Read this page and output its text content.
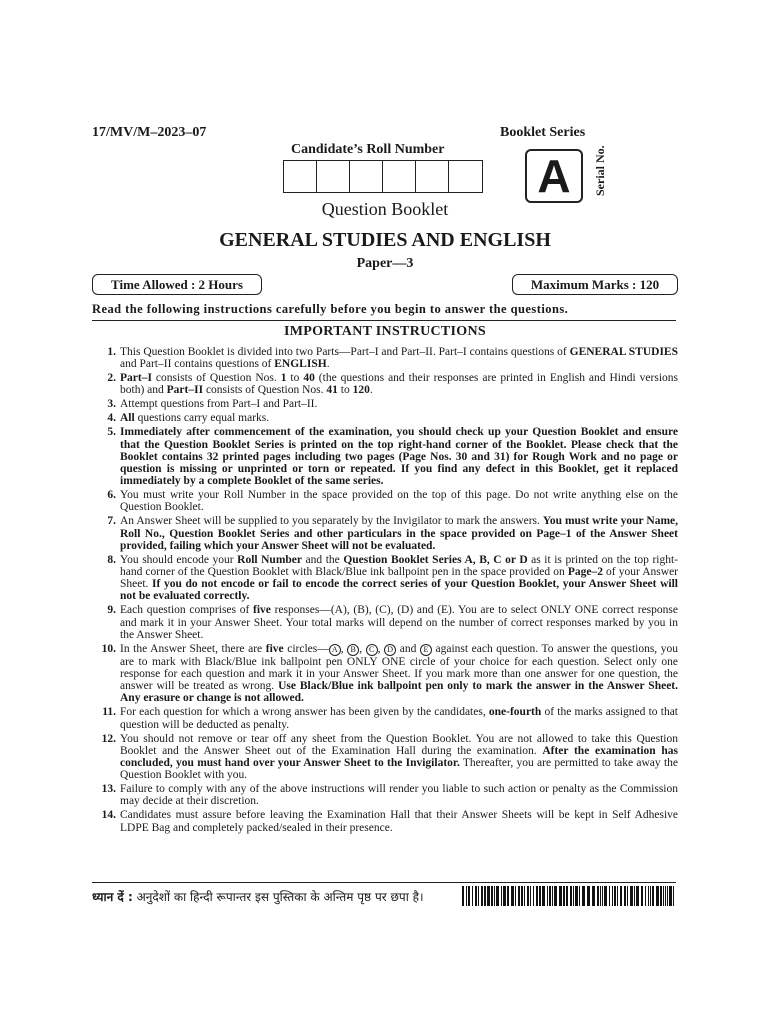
17/MV/M–2023–07	Booklet Series
Candidate’s Roll Number
A	Serial No.
Question Booklet
GENERAL STUDIES AND ENGLISH
Paper—3
Time Allowed : 2 Hours	Maximum Marks : 120
Read the following instructions carefully before you begin to answer the questions.
IMPORTANT INSTRUCTIONS
1. This Question Booklet is divided into two Parts—Part–I and Part–II. Part–I contains questions of GENERAL STUDIES and Part–II contains questions of ENGLISH.
2. Part–I consists of Question Nos. 1 to 40 (the questions and their responses are printed in English and Hindi versions both) and Part–II consists of Question Nos. 41 to 120.
3. Attempt questions from Part–I and Part–II.
4. All questions carry equal marks.
5. Immediately after commencement of the examination, you should check up your Question Booklet and ensure that the Question Booklet Series is printed on the top right-hand corner of the Booklet. Please check that the Booklet contains 32 printed pages including two pages (Page Nos. 30 and 31) for Rough Work and no page or question is missing or unprinted or torn or repeated. If you find any defect in this Booklet, get it replaced immediately by a complete Booklet of the same series.
6. You must write your Roll Number in the space provided on the top of this page. Do not write anything else on the Question Booklet.
7. An Answer Sheet will be supplied to you separately by the Invigilator to mark the answers. You must write your Name, Roll No., Question Booklet Series and other particulars in the space provided on Page–1 of the Answer Sheet provided, failing which your Answer Sheet will not be evaluated.
8. You should encode your Roll Number and the Question Booklet Series A, B, C or D as it is printed on the top right-hand corner of the Question Booklet with Black/Blue ink ballpoint pen in the space provided on Page–2 of your Answer Sheet. If you do not encode or fail to encode the correct series of your Question Booklet, your Answer Sheet will not be evaluated correctly.
9. Each question comprises of five responses—(A), (B), (C), (D) and (E). You are to select ONLY ONE correct response and mark it in your Answer Sheet. Your total marks will depend on the number of correct responses marked by you in the Answer Sheet.
10. In the Answer Sheet, there are five circles— A , B , C , D and E against each question. To answer the questions, you are to mark with Black/Blue ink ballpoint pen ONLY ONE circle of your choice for each question. Select only one response for each question and mark it in your Answer Sheet. If you mark more than one answer for one question, the answer will be treated as wrong. Use Black/Blue ink ballpoint pen only to mark the answer in the Answer Sheet. Any erasure or change is not allowed.
11. For each question for which a wrong answer has been given by the candidates, one-fourth of the marks assigned to that question will be deducted as penalty.
12. You should not remove or tear off any sheet from the Question Booklet. You are not allowed to take this Question Booklet and the Answer Sheet out of the Examination Hall during the examination. After the examination has concluded, you must hand over your Answer Sheet to the Invigilator. Thereafter, you are permitted to take away the Question Booklet with you.
13. Failure to comply with any of the above instructions will render you liable to such action or penalty as the Commission may decide at their discretion.
14. Candidates must assure before leaving the Examination Hall that their Answer Sheets will be kept in Self Adhesive LDPE Bag and completely packed/sealed in their presence.
ध्यान दें : अनुदेशों का हिन्दी रूपान्तर इस पुस्तिका के अन्तिम पृष्ठ पर छपा है।
